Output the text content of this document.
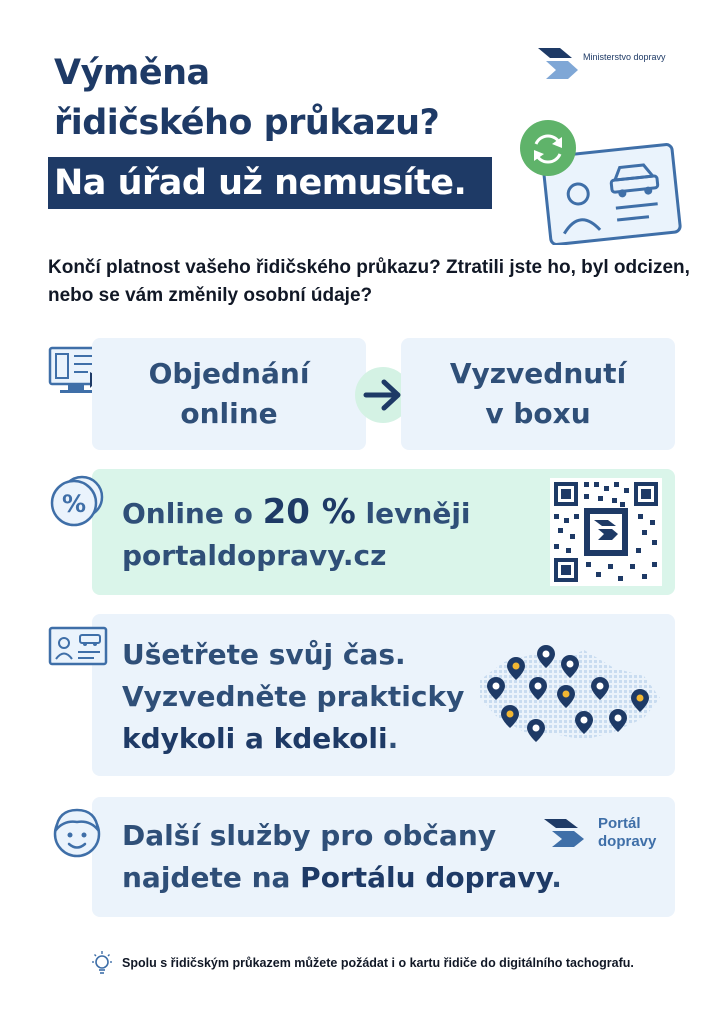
Výměna
řidičského průkazu?
Na úřad už nemusíte.
Ministerstvo dopravy
Končí platnost vašeho řidičského průkazu? Ztratili jste ho, byl odcizen, nebo se vám změnily osobní údaje?
Objednání
online
Vyzvednutí
v boxu
Online o 20 % levněji
portaldopravy.cz
%
Ušetřete svůj čas.
Vyzvedněte prakticky
kdykoli a kdekoli.
Další služby pro občany
najdete na Portálu dopravy.
Portál
dopravy
Spolu s řidičským průkazem můžete požádat i o kartu řidiče do digitálního tachografu.
